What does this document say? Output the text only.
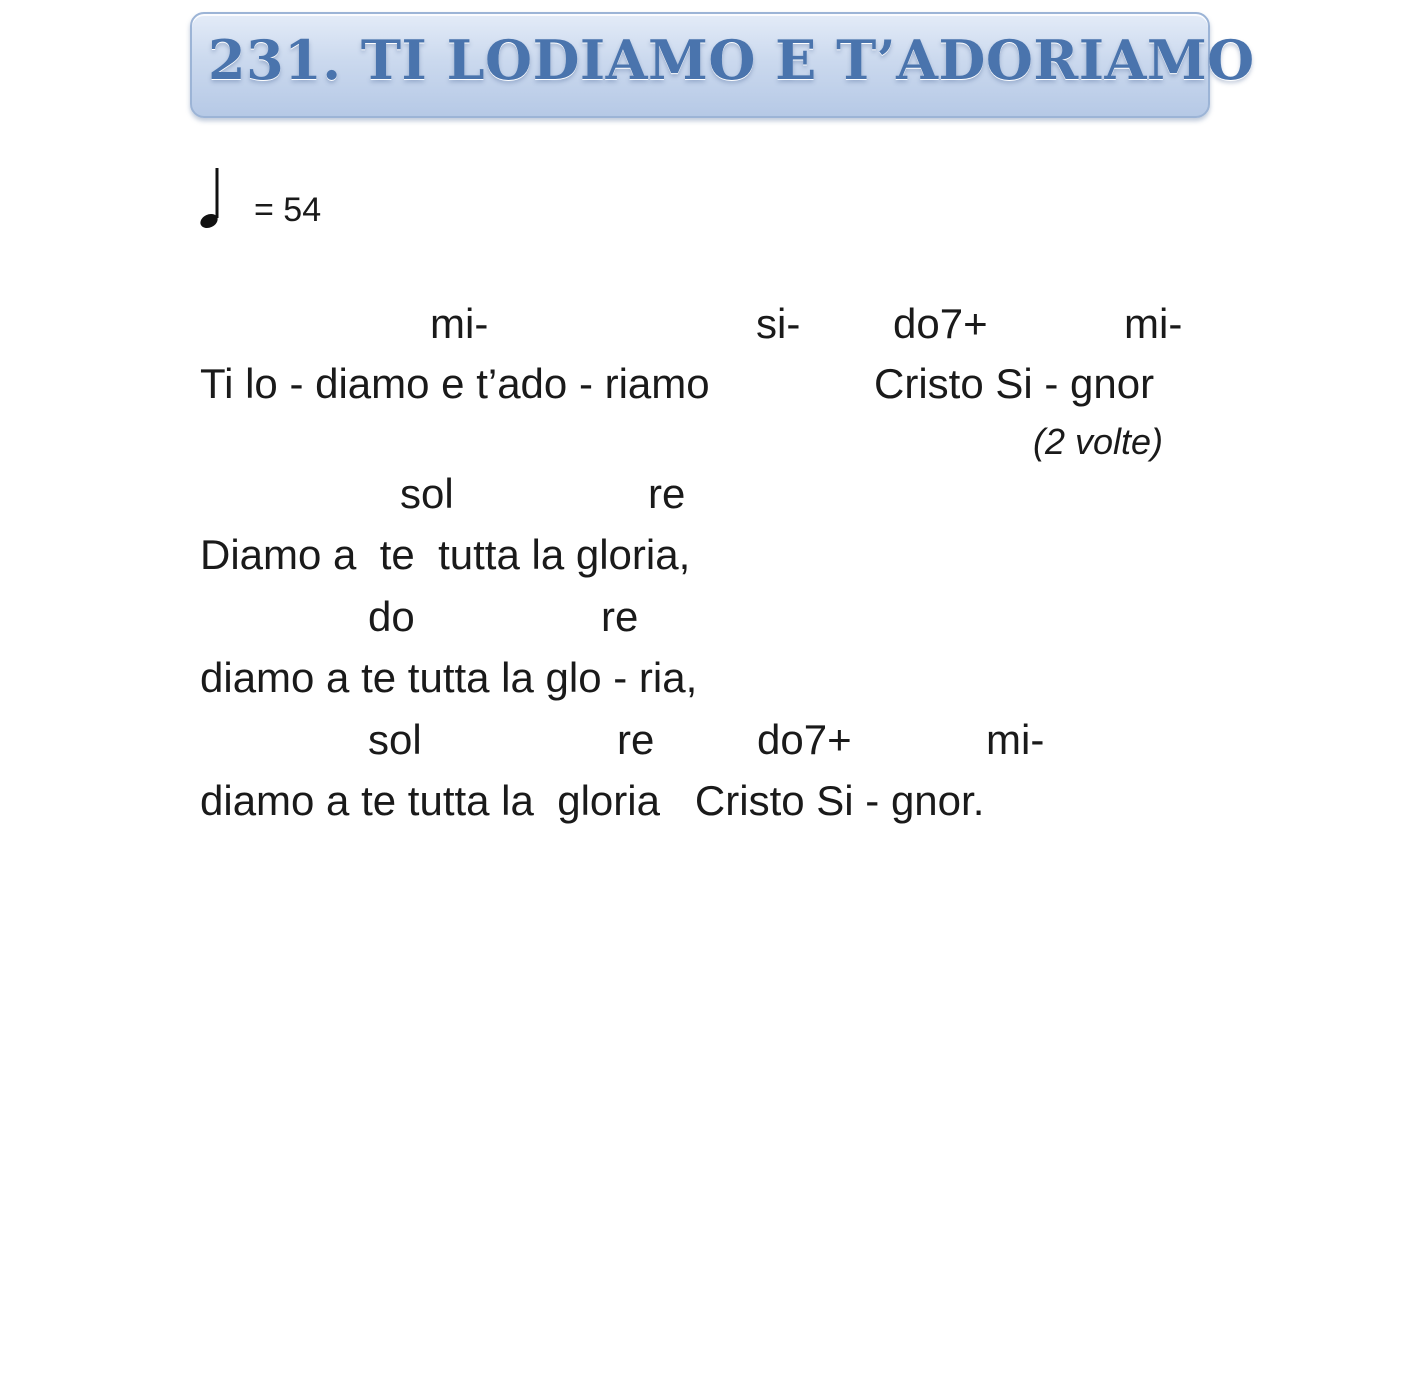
231. TI LODIAMO E T’ADORIAMO
= 54
mi-	si- do7+	mi-
Ti lo - diamo e t’ado - riamo	Cristo Si - gnor
(2 volte)
sol	re
Diamo a  te  tutta la gloria,
do	re
diamo a te tutta la glo - ria,
sol	re do7+	mi-
diamo a te tutta la  gloria   Cristo Si - gnor.
